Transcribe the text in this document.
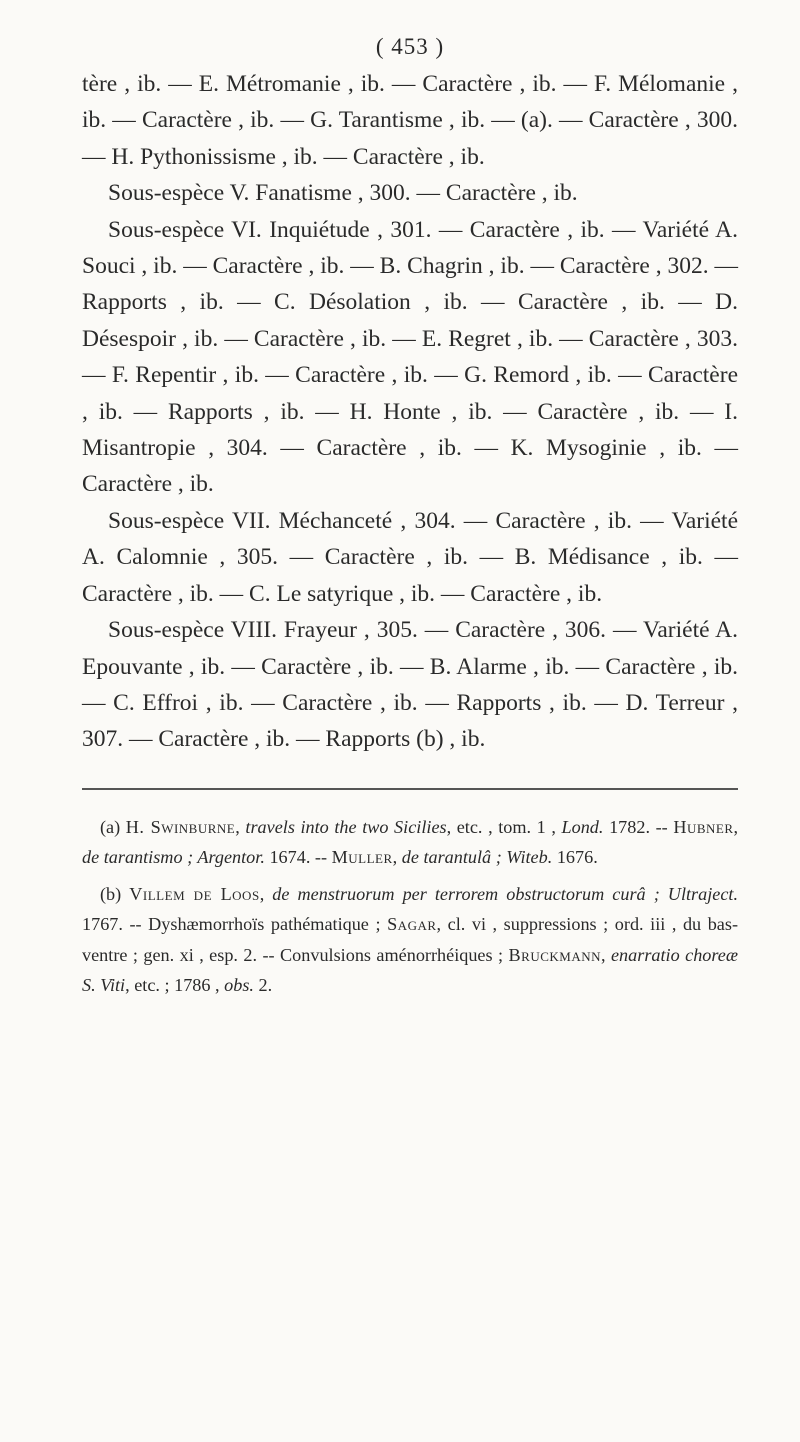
( 453 )

tère , ib. — E. Métromanie , ib. — Caractère , ib. — F. Mélomanie , ib. — Caractère , ib. — G. Tarantisme , ib. — (a). — Caractère , 300. — H. Pythonissisme , ib. — Caractère , ib.

Sous-espèce V. Fanatisme , 300. — Caractère , ib.

Sous-espèce VI. Inquiétude , 301. — Caractère , ib. — Variété A. Souci , ib. — Caractère , ib. — B. Chagrin , ib. — Caractère , 302. — Rapports , ib. — C. Désolation , ib. — Caractère , ib. — D. Désespoir , ib. — Caractère , ib. — E. Regret , ib. — Caractère , 303. — F. Repentir , ib. — Caractère , ib. — G. Remord , ib. — Caractère , ib. — Rapports , ib. — H. Honte , ib. — Caractère , ib. — I. Misantropie , 304. — Caractère , ib. — K. Mysoginie , ib. — Caractère , ib.

Sous-espèce VII. Méchanceté , 304. — Caractère , ib. — Variété A. Calomnie , 305. — Caractère , ib. — B. Médisance , ib. — Caractère , ib. — C. Le satyrique , ib. — Caractère , ib.

Sous-espèce VIII. Frayeur , 305. — Caractère , 306. — Variété A. Epouvante , ib. — Caractère , ib. — B. Alarme , ib. — Caractère , ib. — C. Effroi , ib. — Caractère , ib. — Rapports , ib. — D. Terreur , 307. — Caractère , ib. — Rapports (b) , ib.

(a) H. Swinburne, travels into the two Sicilies, etc. , tom. 1 , Lond. 1782. -- Hubner, de tarantismo ; Argentor. 1674. -- Muller, de tarantulâ ; Witeb. 1676.

(b) Villem de Loos, de menstruorum per terrorem obstructorum curâ ; Ultraject. 1767. -- Dyshæmorrhoïs pathématique ; Sagar, cl. vi , suppressions ; ord. iii , du bas-ventre ; gen. xi , esp. 2. -- Convulsions aménorrhéiques ; Bruckmann, enarratio choreæ S. Viti, etc. ; 1786 , obs. 2.
